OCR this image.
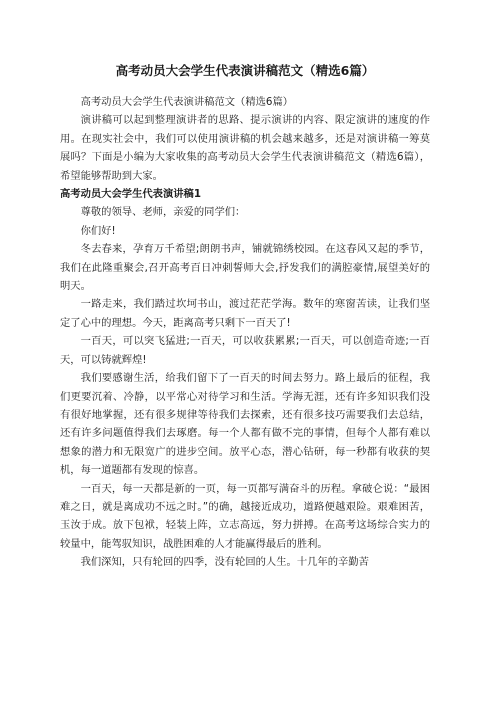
高考动员大会学生代表演讲稿范文（精选6篇）

高考动员大会学生代表演讲稿范文（精选6篇）

演讲稿可以起到整理演讲者的思路、提示演讲的内容、限定演讲的速度的作用。在现实社会中，我们可以使用演讲稿的机会越来越多，还是对演讲稿一筹莫展吗？下面是小编为大家收集的高考动员大会学生代表演讲稿范文（精选6篇），希望能够帮助到大家。

高考动员大会学生代表演讲稿1

尊敬的领导、老师，亲爱的同学们：

你们好!

冬去春来，孕育万千希望;朗朗书声，铺就锦绣校园。在这春风又起的季节，我们在此隆重聚会,召开高考百日冲刺誓师大会,抒发我们的满腔豪情,展望美好的明天。

一路走来，我们踏过坎坷书山，渡过茫茫学海。数年的寒窗苦读，让我们坚定了心中的理想。今天，距离高考只剩下一百天了!

一百天，可以突飞猛进;一百天，可以收获累累;一百天，可以创造奇迹;一百天，可以铸就辉煌!

我们要感谢生活，给我们留下了一百天的时间去努力。路上最后的征程，我们更要沉着、冷静，以平常心对待学习和生活。学海无涯，还有许多知识我们没有很好地掌握，还有很多规律等待我们去探索，还有很多技巧需要我们去总结，还有许多问题值得我们去琢磨。每一个人都有做不完的事情，但每个人都有难以想象的潜力和无限宽广的进步空间。放平心态，潜心钻研，每一秒都有收获的契机，每一道题都有发现的惊喜。

一百天，每一天都是新的一页，每一页都写满奋斗的历程。拿破仑说：“最困难之日，就是离成功不远之时。”的确，越接近成功，道路便越艰险。艰难困苦，玉汝于成。放下包袱，轻装上阵，立志高远，努力拼搏。在高考这场综合实力的较量中，能驾驭知识，战胜困难的人才能赢得最后的胜利。

我们深知，只有轮回的四季，没有轮回的人生。十几年的辛勤苦
